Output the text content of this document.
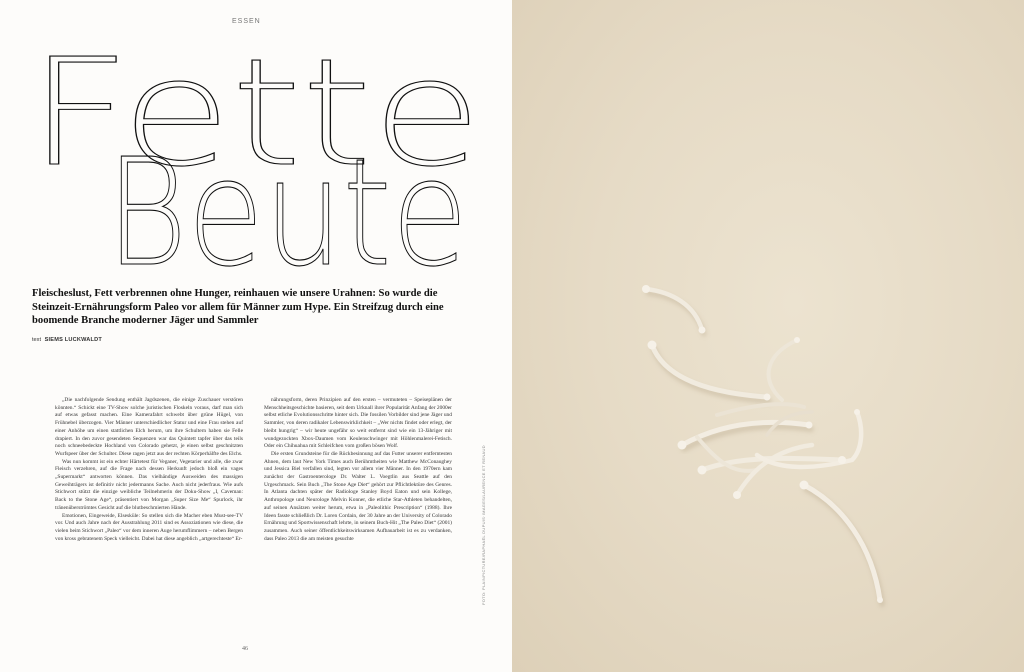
ESSEN
Fette
Beute

Fleischeslust, Fett verbrennen ohne Hunger, reinhauen wie unsere Urahnen: So wurde die Steinzeit-Ernährungsform Paleo vor allem für Männer zum Hype. Ein Streifzug durch eine boomende Branche moderner Jäger und Sammler

text SIEMS LUCKWALDT

„Die nachfolgende Sendung enthält Jagdszenen, die einige Zuschauer verstören könnten.“ Schickt eine TV-Show solche juristischen Floskeln voraus, darf man sich auf etwas gefasst machen. Eine Kamerafahrt schwebt über grüne Hügel, von Frühnebel überzogen. Vier Männer unterschiedlicher Statur und eine Frau stehen auf einer Anhöhe um einen stattlichen Elch herum, um ihre Schultern haben sie Felle drapiert. In den zuvor gesendeten Sequenzen war das Quintett tapfer über das teils noch schneebedeckte Hochland von Colorado gehetzt, je einen selbst geschnitzten Wurfspeer über der Schulter. Diese ragen jetzt aus der rechten Körperhälfte des Elchs.

Was nun kommt ist ein echter Härtetest für Veganer, Vegetarier und alle, die zwar Fleisch verzehren, auf die Frage nach dessen Herkunft jedoch bloß ein vages „Supermarkt“ antworten können. Das vielhändige Ausweiden des massigen Geweihträgers ist definitiv nicht jedermanns Sache. Auch nicht jederfraus. Wie aufs Stichwort stützt die einzige weibliche Teilnehmerin der Doku-Show „I, Caveman: Back to the Stone Age“, präsentiert von Morgan „Super Size Me“ Spurlock, ihr tränenüberströmtes Gesicht auf die blutbeschmierten Hände.

Emotionen, Eingeweide, Elsesküle: So stellen sich die Macher eben Must-see-TV vor. Und auch Jahre nach der Ausstrahlung 2011 sind es Assoziationen wie diese, die vielen beim Stichwort „Paleo“ vor dem inneren Auge herumflimmern – neben Bergen von kross gebratenem Speck vielleicht. Dabei hat diese angeblich „artgerechteste“ Er-

nährungsform, deren Prinzipien auf den ersten – vermuteten – Speiseplänen der Menschheitsgeschichte basieren, seit dem Urknall ihrer Popularität Anfang der 2000er selbst etliche Evolutionsschritte hinter sich. Die fossilen Vorbilder sind jene Jäger und Sammler, von deren radikaler Lebenswirklichkeit – „Wer nichts findet oder erlegt, der bleibt hungrig“ – wir heute ungefähr so weit entfernt sind wie ein 13-Jähriger mit wundgezockten Xbox-Daumen vom Keulenschwinger mit Höhlenmalerei-Fetisch. Oder ein Chihuahua mit Schleifchen vom großen bösen Wolf.

Die ersten Grundsteine für die Rückbesinnung auf das Futter unserer entferntesten Ahnen, dem laut New York Times auch Berühmtheiten wie Matthew McConaughey und Jessica Biel verfallen sind, legten vor allem vier Männer. In den 1970ern kam zunächst der Gastroenterologe Dr. Walter L. Voegtlin aus Seattle auf den Urgeschmack. Sein Buch „The Stone Age Diet“ gehört zur Pflichtlektüre des Genres. In Atlanta dachten später der Radiologe Stanley Boyd Eaton und sein Kollege, Anthropologe und Neurologe Melvin Konner, die etliche Star-Athleten behandelten, auf seinen Ansätzen weiter herum, etwa in „Paleolithic Prescription“ (1988). Ihre Ideen fasste schließlich Dr. Loren Cordain, der 30 Jahre an der University of Colorado Ernährung und Sportwissenschaft lehrte, in seinem Buch-Hit „The Paleo Diet“ (2001) zusammen. Auch seiner öffentlichkeitswirksamen Aufbauarbeit ist es zu verdanken, dass Paleo 2013 die am meisten gesuchte

46
FOTO: PLAINPICTURE/RAPHAËL DUPUIS·IMAGES/LAURENCE ET RENAUD
